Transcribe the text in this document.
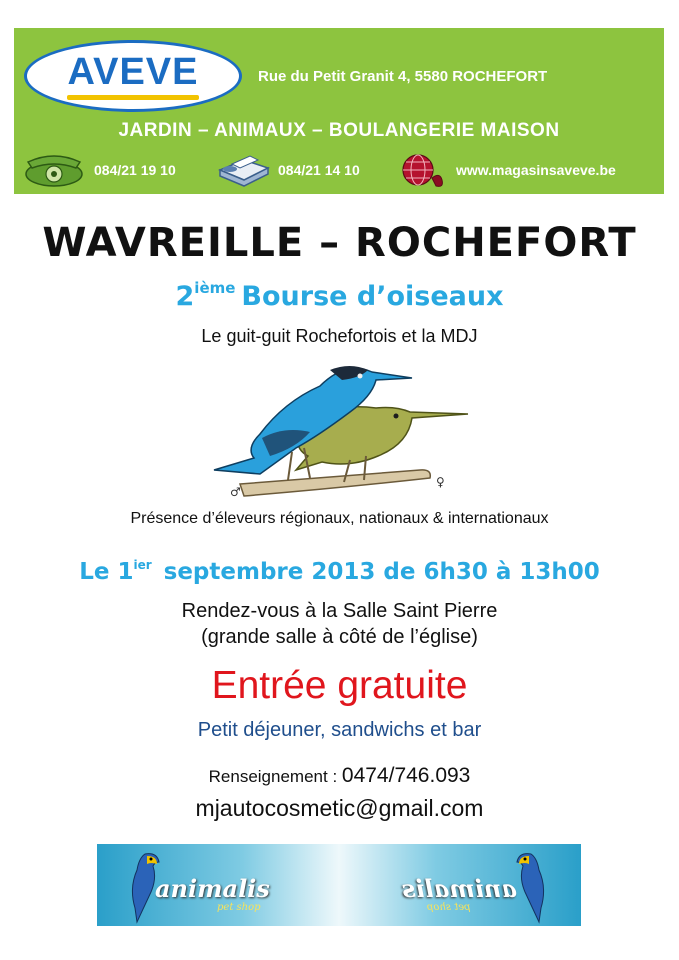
AVEVE	Rue du Petit Granit 4, 5580 ROCHEFORT
JARDIN – ANIMAUX – BOULANGERIE MAISON
084/21 19 10	084/21 14 10	www.magasinsaveve.be
WAVREILLE – ROCHEFORT
2ième Bourse d’oiseaux
Le guit-guit Rochefortois et la MDJ
♂
♀
Présence d’éleveurs régionaux, nationaux & internationaux
Le $1^{ier}$ septembre 2013 de 6h30 à 13h00
Rendez-vous à la Salle Saint Pierre
(grande salle à côté de l’église)
Entrée gratuite
Petit déjeuner, sandwichs et bar
Renseignement : 0474/746.093
mjautocosmetic@gmail.com
animalis
pet shop
animalis
pet shop
